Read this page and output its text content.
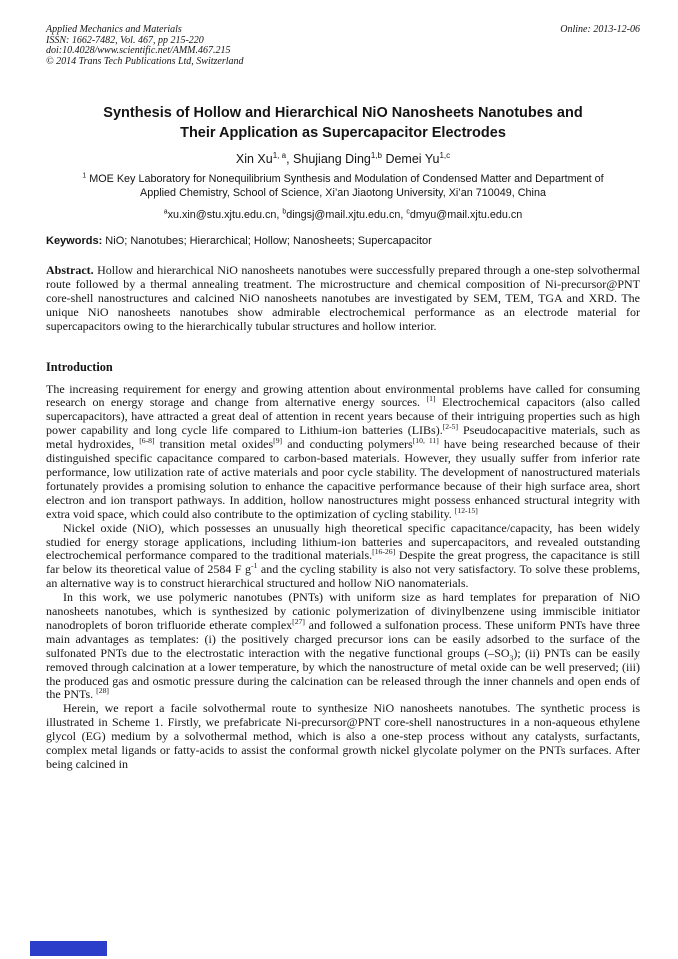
Applied Mechanics and Materials
ISSN: 1662-7482, Vol. 467, pp 215-220
doi:10.4028/www.scientific.net/AMM.467.215
© 2014 Trans Tech Publications Ltd, Switzerland
Online: 2013-12-06
Synthesis of Hollow and Hierarchical NiO Nanosheets Nanotubes and
Their Application as Supercapacitor Electrodes
Xin Xu$^{1, a}$, Shujiang Ding$^{1,b}$ Demei Yu$^{1,c}$
$^1$ MOE Key Laboratory for Nonequilibrium Synthesis and Modulation of Condensed Matter and Department of Applied Chemistry, School of Science, Xi’an Jiaotong University, Xi’an 710049, China
$^a$xu.xin@stu.xjtu.edu.cn, $^b$dingsj@mail.xjtu.edu.cn, $^c$dmyu@mail.xjtu.edu.cn
Keywords: NiO; Nanotubes; Hierarchical; Hollow; Nanosheets; Supercapacitor

Abstract. Hollow and hierarchical NiO nanosheets nanotubes were successfully prepared through a one-step solvothermal route followed by a thermal annealing treatment. The microstructure and chemical composition of Ni-precursor@PNT core-shell nanostructures and calcined NiO nanosheets nanotubes are investigated by SEM, TEM, TGA and XRD. The unique NiO nanosheets nanotubes show admirable electrochemical performance as an electrode material for supercapacitors owing to the hierarchically tubular structures and hollow interior.

Introduction

The increasing requirement for energy and growing attention about environmental problems have called for consuming research on energy storage and change from alternative energy sources. [1] Electrochemical capacitors (also called supercapacitors), have attracted a great deal of attention in recent years because of their intriguing properties such as high power capability and long cycle life compared to Lithium-ion batteries (LIBs).[2-5] Pseudocapacitive materials, such as metal hydroxides, [6-8] transition metal oxides[9] and conducting polymers[10, 11] have being researched because of their distinguished specific capacitance compared to carbon-based materials. However, they usually suffer from inferior rate performance, low utilization rate of active materials and poor cycle stability. The development of nanostructured materials fortunately provides a promising solution to enhance the capacitive performance because of their high surface area, short electron and ion transport pathways. In addition, hollow nanostructures might possess enhanced structural integrity with extra void space, which could also contribute to the optimization of cycling stability. [12-15]

Nickel oxide (NiO), which possesses an unusually high theoretical specific capacitance/capacity, has been widely studied for energy storage applications, including lithium-ion batteries and supercapacitors, and revealed outstanding electrochemical performance compared to the traditional materials.[16-26] Despite the great progress, the capacitance is still far below its theoretical value of 2584 F $g^{-1}$ and the cycling stability is also not very satisfactory. To solve these problems, an alternative way is to construct hierarchical structured and hollow NiO nanomaterials.

In this work, we use polymeric nanotubes (PNTs) with uniform size as hard templates for preparation of NiO nanosheets nanotubes, which is synthesized by cationic polymerization of divinylbenzene using immiscible initiator nanodroplets of boron trifluoride etherate complex[27] and followed a sulfonation process. These uniform PNTs have three main advantages as templates: (i) the positively charged precursor ions can be easily adsorbed to the surface of the sulfonated PNTs due to the electrostatic interaction with the negative functional groups $(-SO_3)$; (ii) PNTs can be easily removed through calcination at a lower temperature, by which the nanostructure of metal oxide can be well preserved; (iii) the produced gas and osmotic pressure during the calcination can be released through the inner channels and open ends of the PNTs. [28]

Herein, we report a facile solvothermal route to synthesize NiO nanosheets nanotubes. The synthetic process is illustrated in Scheme 1. Firstly, we prefabricate Ni-precursor@PNT core-shell nanostructures in a non-aqueous ethylene glycol (EG) medium by a solvothermal method, which is also a one-step process without any catalysts, surfactants, complex metal ligands or fatty-acids to assist the conformal growth nickel glycolate polymer on the PNTs surfaces. After being calcined in
